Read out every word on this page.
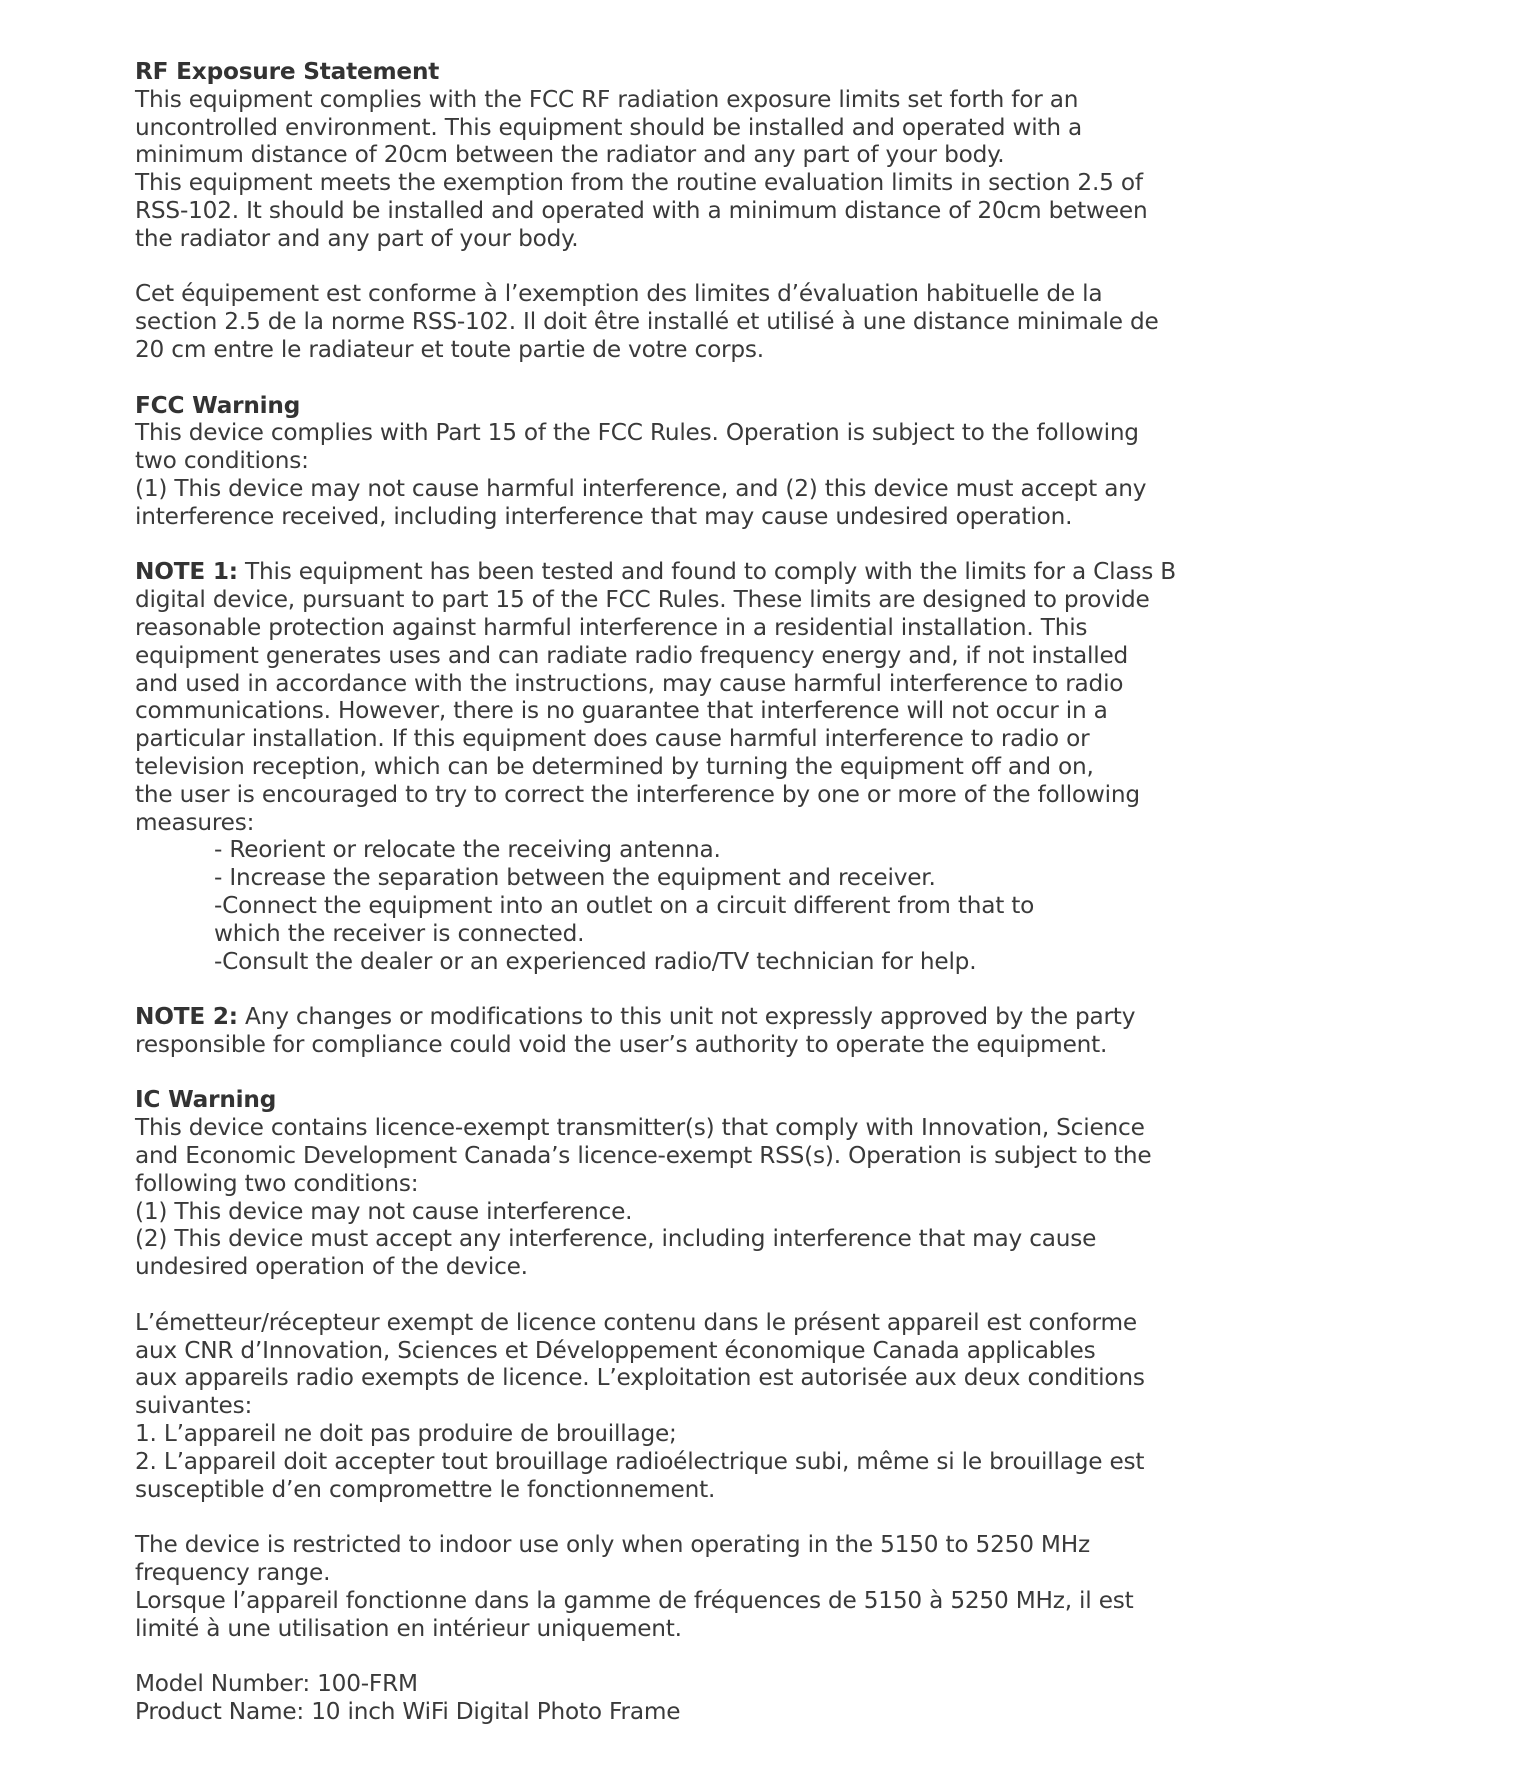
RF Exposure Statement
This equipment complies with the FCC RF radiation exposure limits set forth for an
uncontrolled environment. This equipment should be installed and operated with a
minimum distance of 20cm between the radiator and any part of your body.
This equipment meets the exemption from the routine evaluation limits in section 2.5 of
RSS-102. It should be installed and operated with a minimum distance of 20cm between
the radiator and any part of your body.
Cet équipement est conforme à l’exemption des limites d’évaluation habituelle de la
section 2.5 de la norme RSS-102. Il doit être installé et utilisé à une distance minimale de
20 cm entre le radiateur et toute partie de votre corps.
FCC Warning
This device complies with Part 15 of the FCC Rules. Operation is subject to the following
two conditions:
(1) This device may not cause harmful interference, and (2) this device must accept any
interference received, including interference that may cause undesired operation.
NOTE 1: This equipment has been tested and found to comply with the limits for a Class B
digital device, pursuant to part 15 of the FCC Rules. These limits are designed to provide
reasonable protection against harmful interference in a residential installation. This
equipment generates uses and can radiate radio frequency energy and, if not installed
and used in accordance with the instructions, may cause harmful interference to radio
communications. However, there is no guarantee that interference will not occur in a
particular installation. If this equipment does cause harmful interference to radio or
television reception, which can be determined by turning the equipment off and on,
the user is encouraged to try to correct the interference by one or more of the following
measures:
- Reorient or relocate the receiving antenna.
- Increase the separation between the equipment and receiver.
-Connect the equipment into an outlet on a circuit different from that to
which the receiver is connected.
-Consult the dealer or an experienced radio/TV technician for help.
NOTE 2: Any changes or modifications to this unit not expressly approved by the party
responsible for compliance could void the user’s authority to operate the equipment.
IC Warning
This device contains licence-exempt transmitter(s) that comply with Innovation, Science
and Economic Development Canada’s licence-exempt RSS(s). Operation is subject to the
following two conditions:
(1) This device may not cause interference.
(2) This device must accept any interference, including interference that may cause
undesired operation of the device.
L’émetteur/récepteur exempt de licence contenu dans le présent appareil est conforme
aux CNR d’Innovation, Sciences et Développement économique Canada applicables
aux appareils radio exempts de licence. L’exploitation est autorisée aux deux conditions
suivantes:
1. L’appareil ne doit pas produire de brouillage;
2. L’appareil doit accepter tout brouillage radioélectrique subi, même si le brouillage est
susceptible d’en compromettre le fonctionnement.
The device is restricted to indoor use only when operating in the 5150 to 5250 MHz
frequency range.
Lorsque l’appareil fonctionne dans la gamme de fréquences de 5150 à 5250 MHz, il est
limité à une utilisation en intérieur uniquement.
Model Number: 100-FRM
Product Name: 10 inch WiFi Digital Photo Frame
